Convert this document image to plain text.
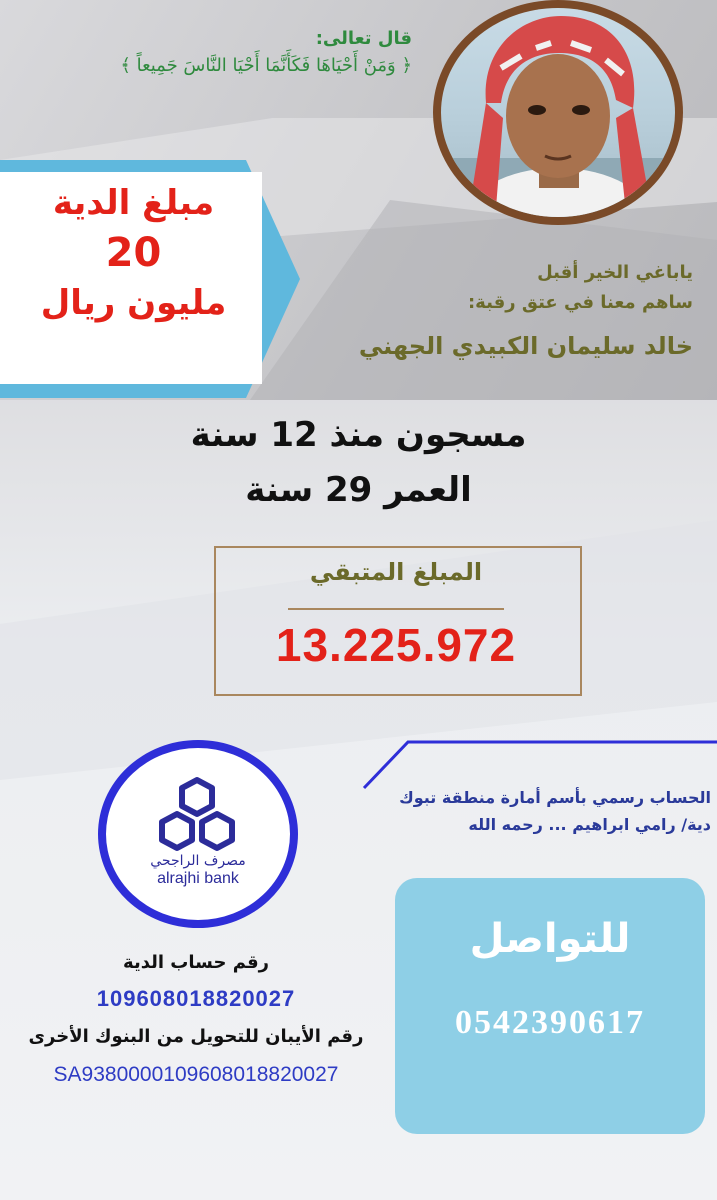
قال تعالى:
﴿ وَمَنْ أَحْيَاهَا فَكَأَنَّمَا أَحْيَا النَّاسَ جَمِيعاً ﴾
مبلغ الدية
20
مليون ريال
ياباغي الخير أقبل
ساهم معنا في عتق رقبة:
خالد سليمان الكبيدي الجهني
مسجون منذ 12 سنة
العمر 29 سنة
المبلغ المتبقي
13.225.972
مصرف الراجحي
alrajhi bank
الحساب رسمي بأسم أمارة منطقة تبوك
دية/ رامي ابراهيم ... رحمه الله
رقم حساب الدية
109608018820027
رقم الأيبان للتحويل من البنوك الأخرى
SA9380000109608018820027
للتواصل
0542390617
